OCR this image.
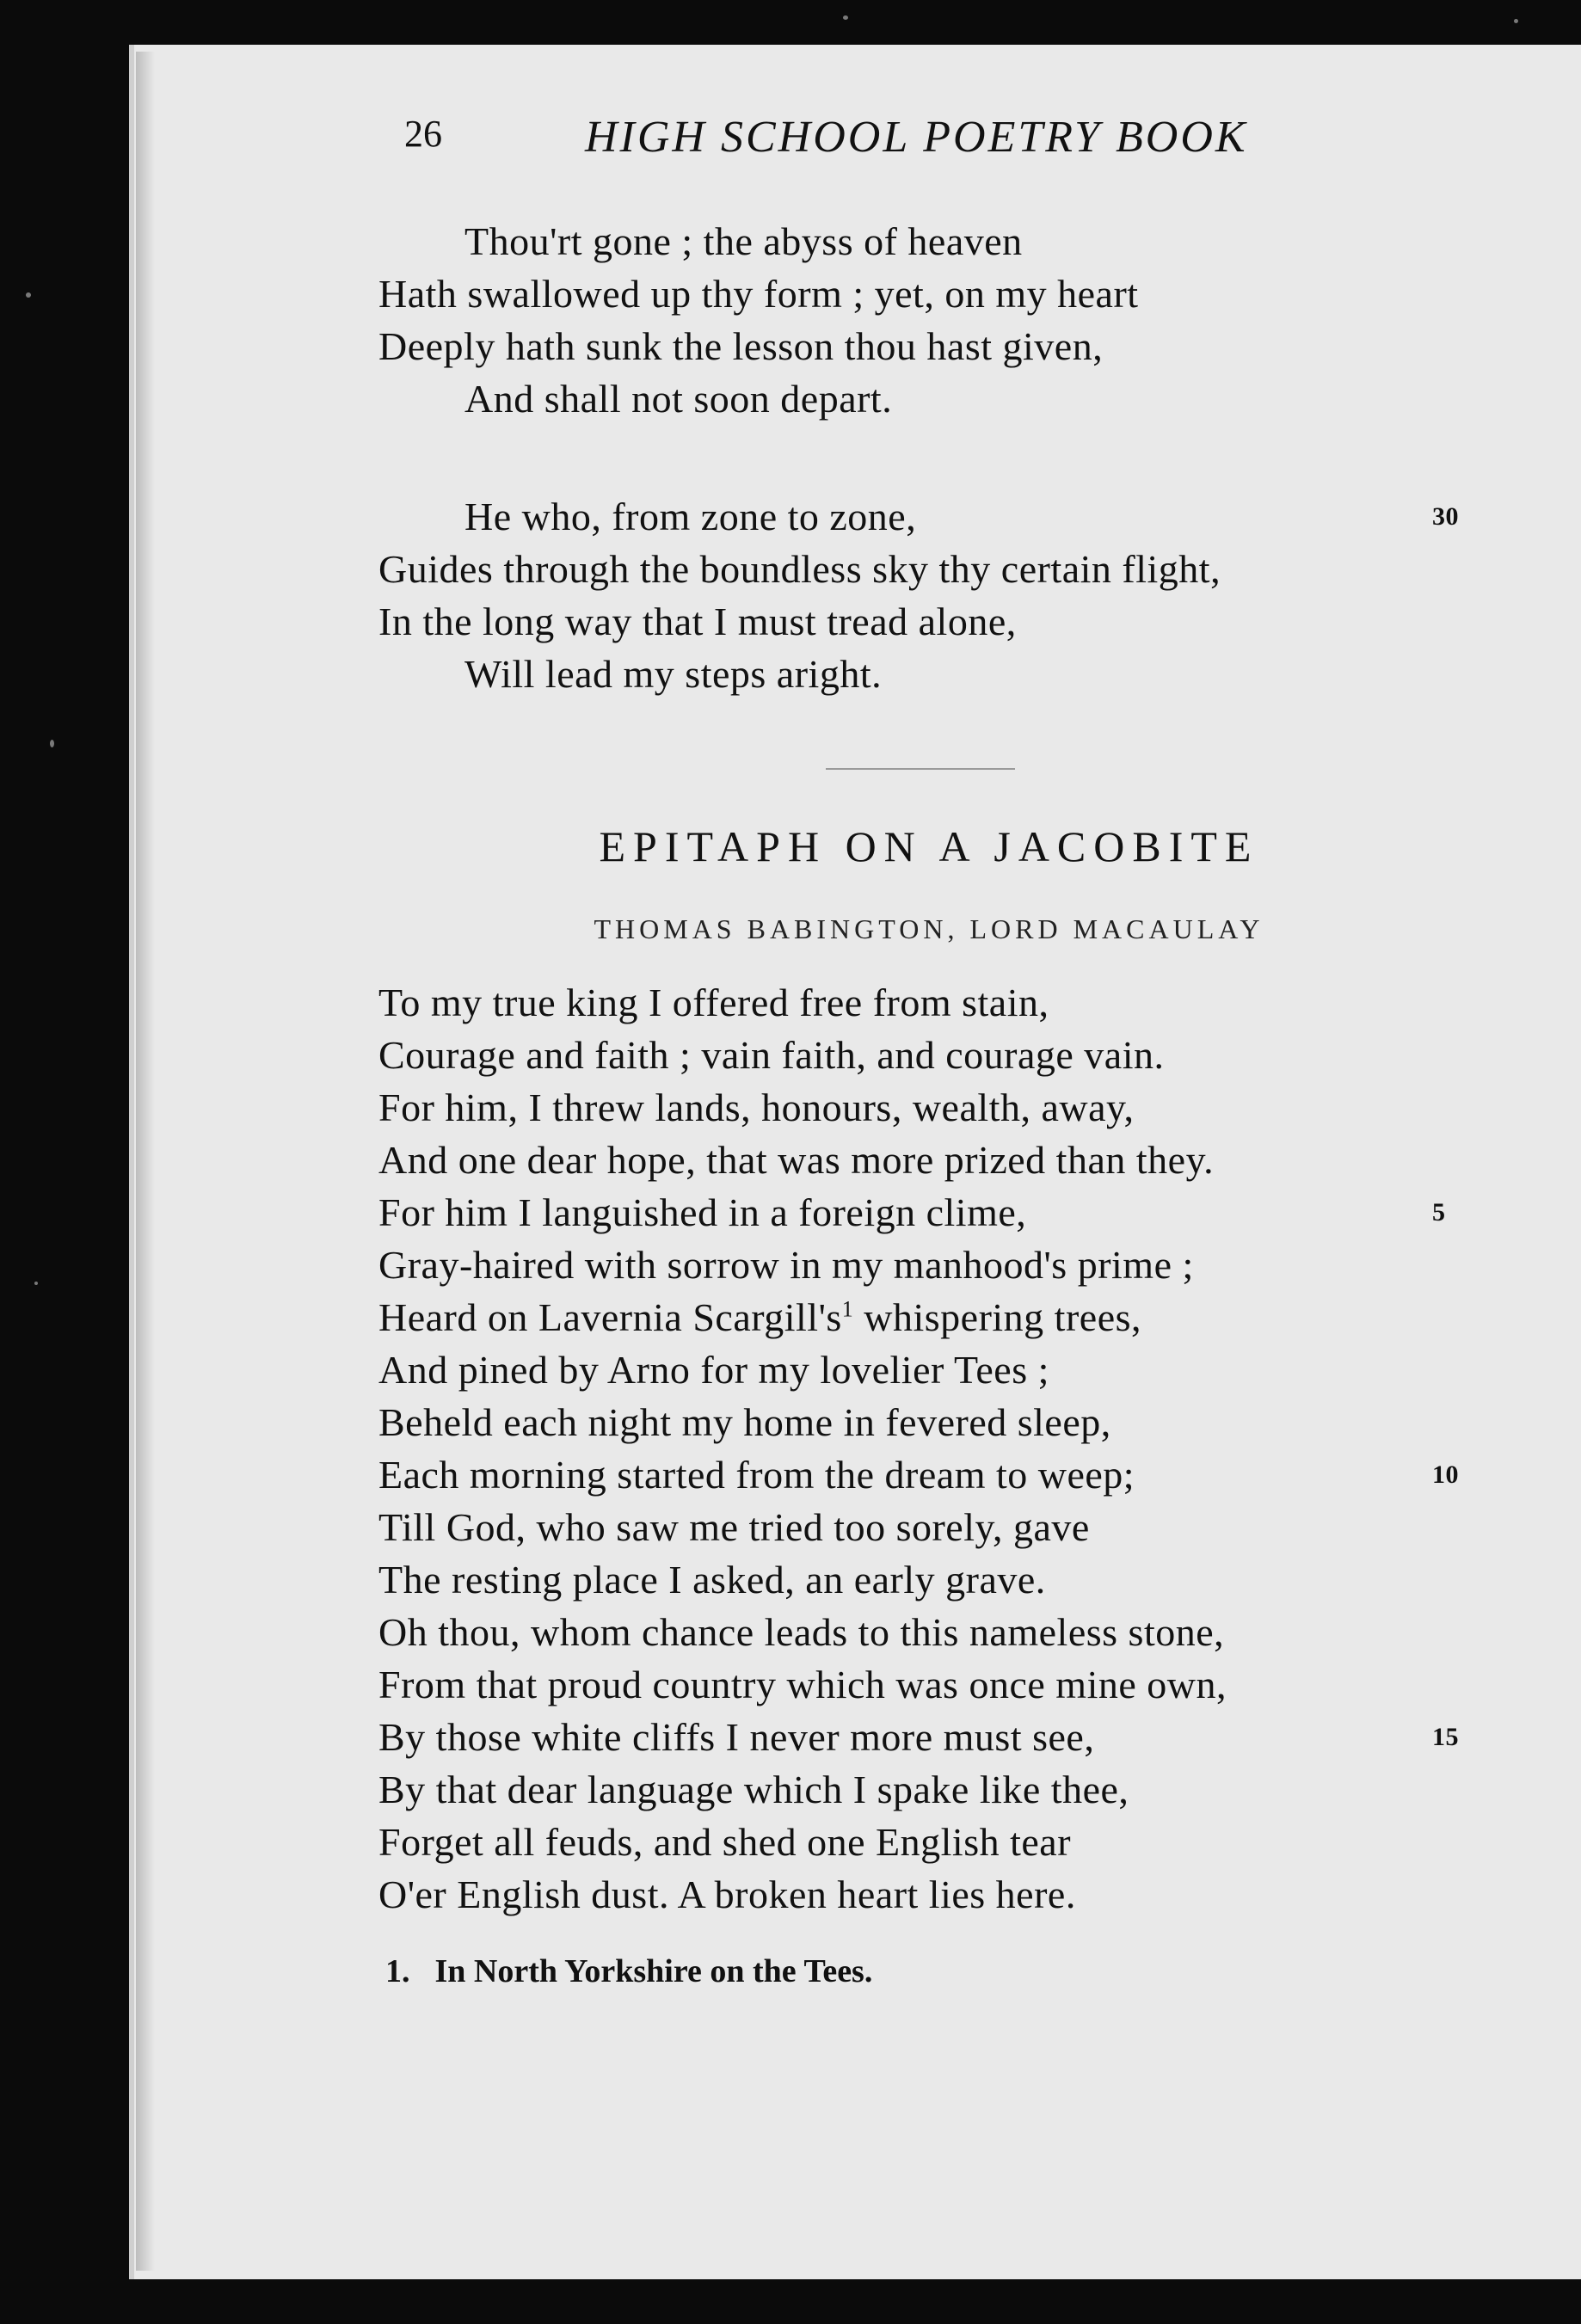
26	HIGH SCHOOL POETRY BOOK
Thou'rt gone ; the abyss of heaven
Hath swallowed up thy form ; yet, on my heart
Deeply hath sunk the lesson thou hast given,
And shall not soon depart.
He who, from zone to zone,	30
Guides through the boundless sky thy certain flight,
In the long way that I must tread alone,
Will lead my steps aright.
EPITAPH ON A JACOBITE
THOMAS BABINGTON, LORD MACAULAY
To my true king I offered free from stain,
Courage and faith ; vain faith, and courage vain.
For him, I threw lands, honours, wealth, away,
And one dear hope, that was more prized than they.
For him I languished in a foreign clime,	5
Gray-haired with sorrow in my manhood's prime ;
Heard on Lavernia $Scargill's^1$ whispering trees,
And pined by Arno for my lovelier Tees ;
Beheld each night my home in fevered sleep,
Each morning started from the dream to weep;	10
Till God, who saw me tried too sorely, gave
The resting place I asked, an early grave.
Oh thou, whom chance leads to this nameless stone,
From that proud country which was once mine own,
By those white cliffs I never more must see,	15
By that dear language which I spake like thee,
Forget all feuds, and shed one English tear
O'er English dust. A broken heart lies here.
1. In North Yorkshire on the Tees.
